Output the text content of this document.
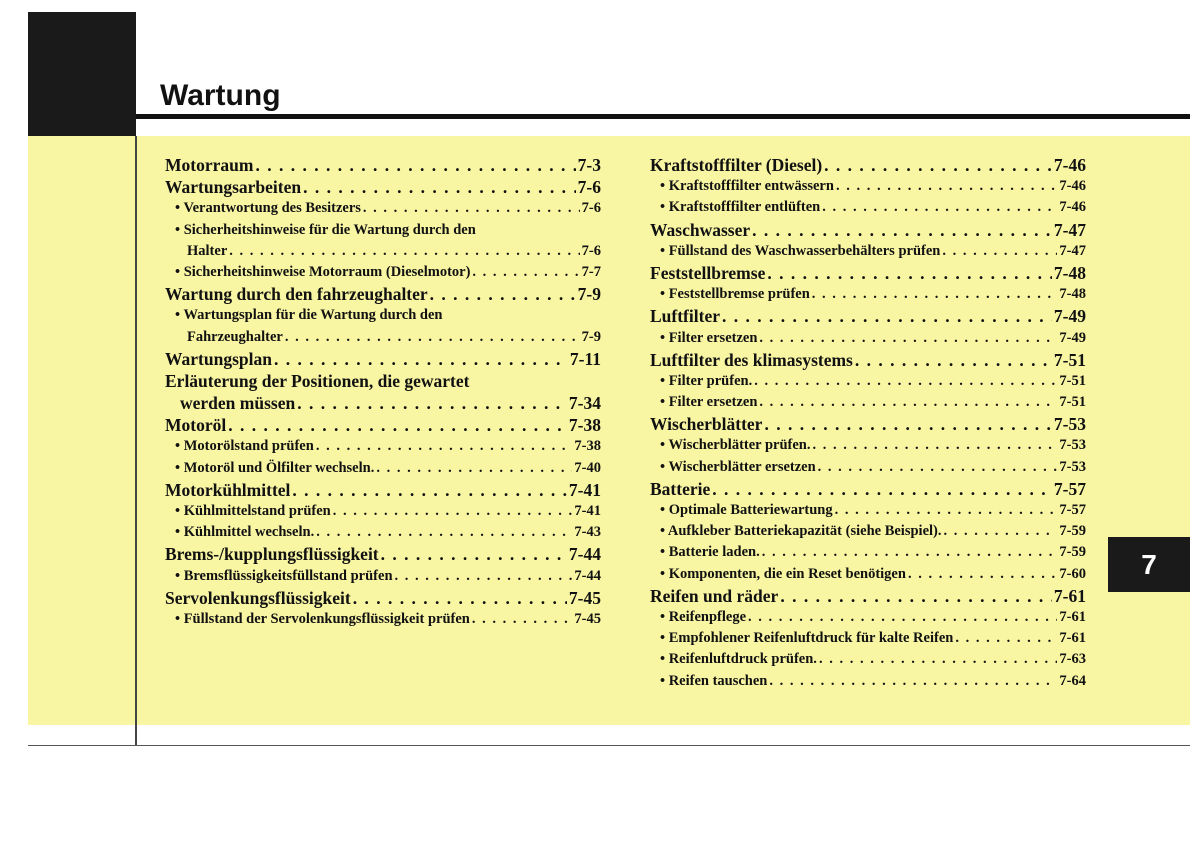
Wartung
7
Motorraum . . .	7-3
Wartungsarbeiten . . .	7-6
• Verantwortung des Besitzers . . .	7-6
• Sicherheitshinweise für die Wartung durch den
Halter . . .	7-6
• Sicherheitshinweise Motorraum (Dieselmotor) . . .	7-7
Wartung durch den fahrzeughalter . . .	7-9
• Wartungsplan für die Wartung durch den
Fahrzeughalter . . .	7-9
Wartungsplan . . .	7-11
Erläuterung der Positionen, die gewartet
werden müssen . . .	7-34
Motoröl . . .	7-38
• Motorölstand prüfen . . .	7-38
• Motoröl und Ölfilter wechseln. . . .	7-40
Motorkühlmittel . . .	7-41
• Kühlmittelstand prüfen . . .	7-41
• Kühlmittel wechseln. . . .	7-43
Brems-/kupplungsflüssigkeit . . .	7-44
• Bremsflüssigkeitsfüllstand prüfen . . .	7-44
Servolenkungsflüssigkeit . . .	7-45
• Füllstand der Servolenkungsflüssigkeit prüfen . . .	7-45
Kraftstofffilter (Diesel) . . .	7-46
• Kraftstofffilter entwässern . . .	7-46
• Kraftstofffilter entlüften . . .	7-46
Waschwasser . . .	7-47
• Füllstand des Waschwasserbehälters prüfen . . .	7-47
Feststellbremse . . .	7-48
• Feststellbremse prüfen . . .	7-48
Luftfilter . . .	7-49
• Filter ersetzen . . .	7-49
Luftfilter des klimasystems . . .	7-51
• Filter prüfen. . . .	7-51
• Filter ersetzen . . .	7-51
Wischerblätter . . .	7-53
• Wischerblätter prüfen. . . .	7-53
• Wischerblätter ersetzen . . .	7-53
Batterie . . .	7-57
• Optimale Batteriewartung . . .	7-57
• Aufkleber Batteriekapazität (siehe Beispiel). . . .	7-59
• Batterie laden. . . .	7-59
• Komponenten, die ein Reset benötigen . . .	7-60
Reifen und räder . . .	7-61
• Reifenpflege . . .	7-61
• Empfohlener Reifenluftdruck für kalte Reifen . . .	7-61
• Reifenluftdruck prüfen. . . .	7-63
• Reifen tauschen . . .	7-64
